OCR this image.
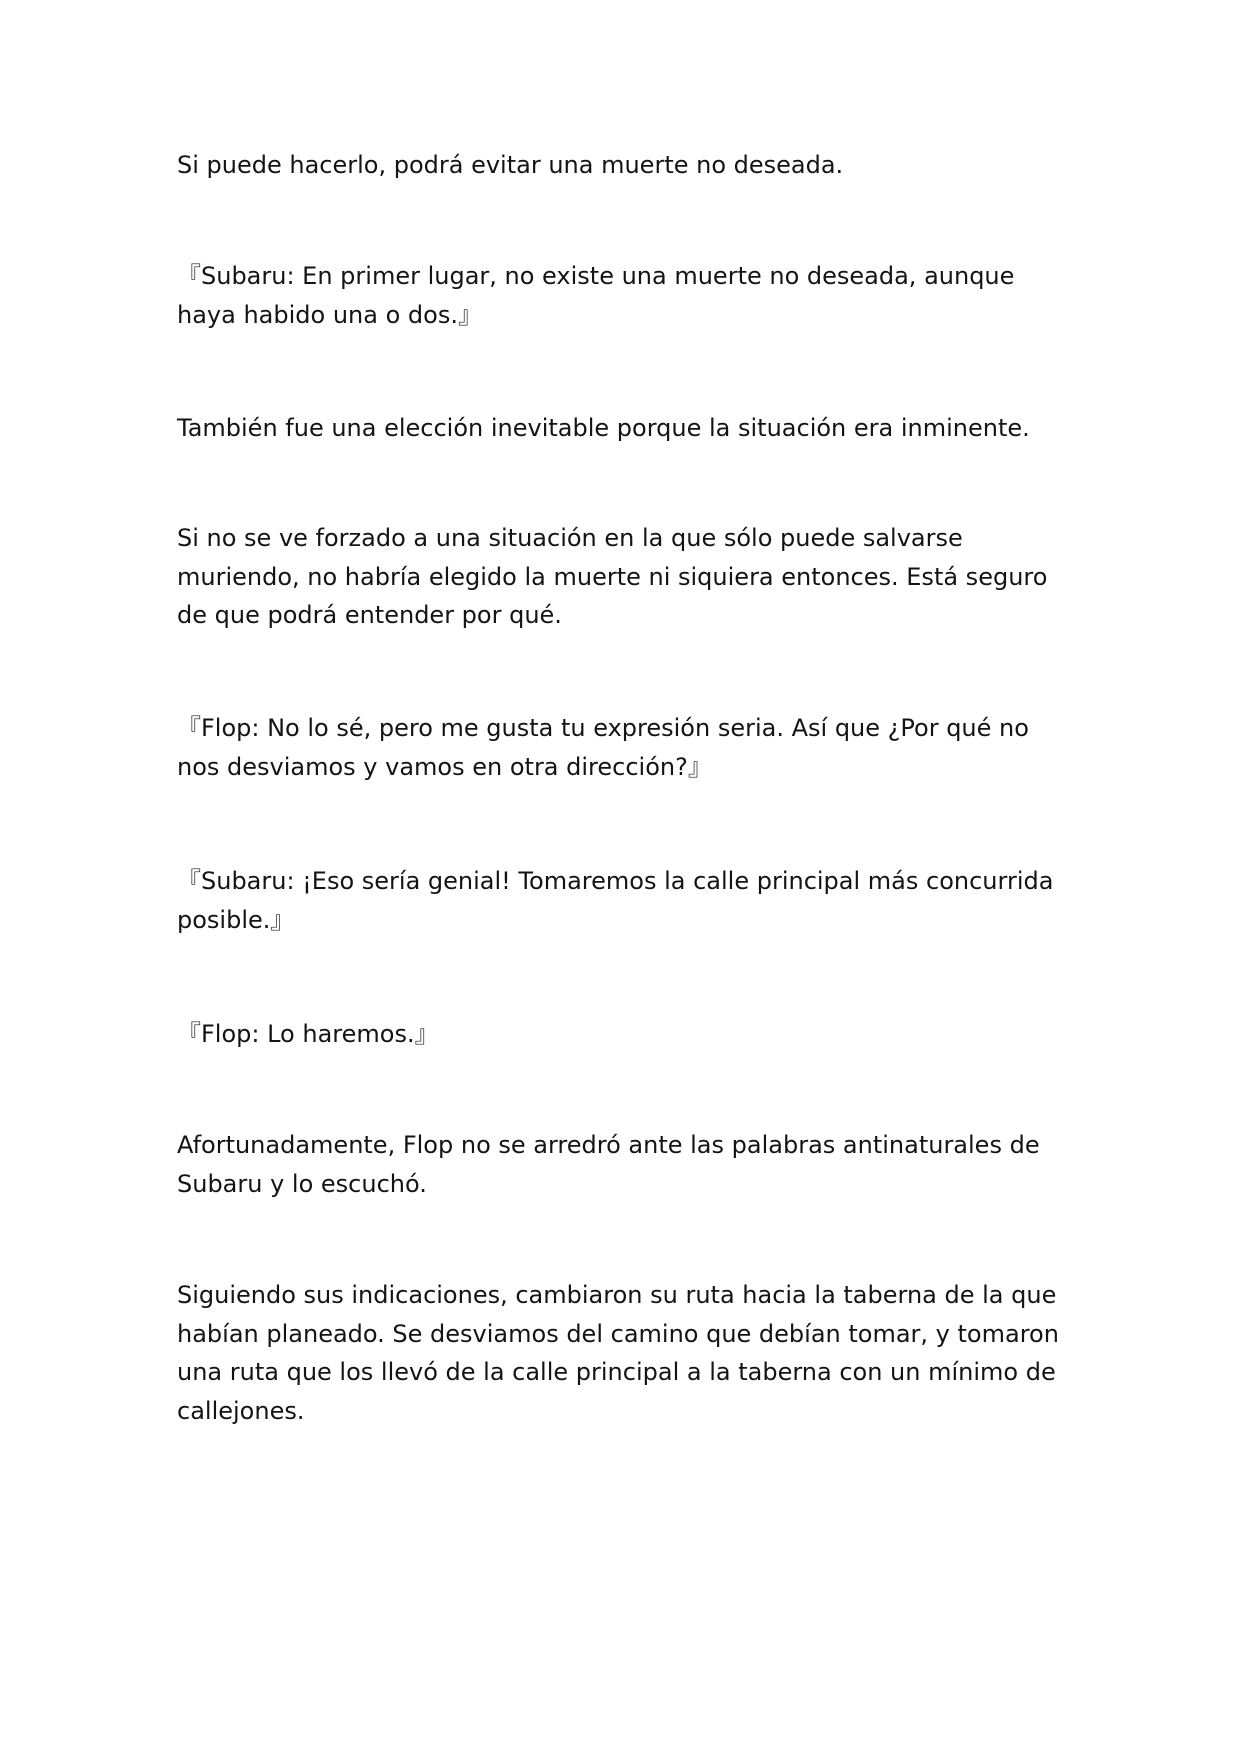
Si puede hacerlo, podrá evitar una muerte no deseada.

『Subaru: En primer lugar, no existe una muerte no deseada, aunque haya habido una o dos.』

También fue una elección inevitable porque la situación era inminente.

Si no se ve forzado a una situación en la que sólo puede salvarse muriendo, no habría elegido la muerte ni siquiera entonces. Está seguro de que podrá entender por qué.

『Flop: No lo sé, pero me gusta tu expresión seria. Así que ¿Por qué no nos desviamos y vamos en otra dirección?』

『Subaru: ¡Eso sería genial! Tomaremos la calle principal más concurrida posible.』

『Flop: Lo haremos.』

Afortunadamente, Flop no se arredró ante las palabras antinaturales de Subaru y lo escuchó.

Siguiendo sus indicaciones, cambiaron su ruta hacia la taberna de la que habían planeado. Se desviamos del camino que debían tomar, y tomaron una ruta que los llevó de la calle principal a la taberna con un mínimo de callejones.
